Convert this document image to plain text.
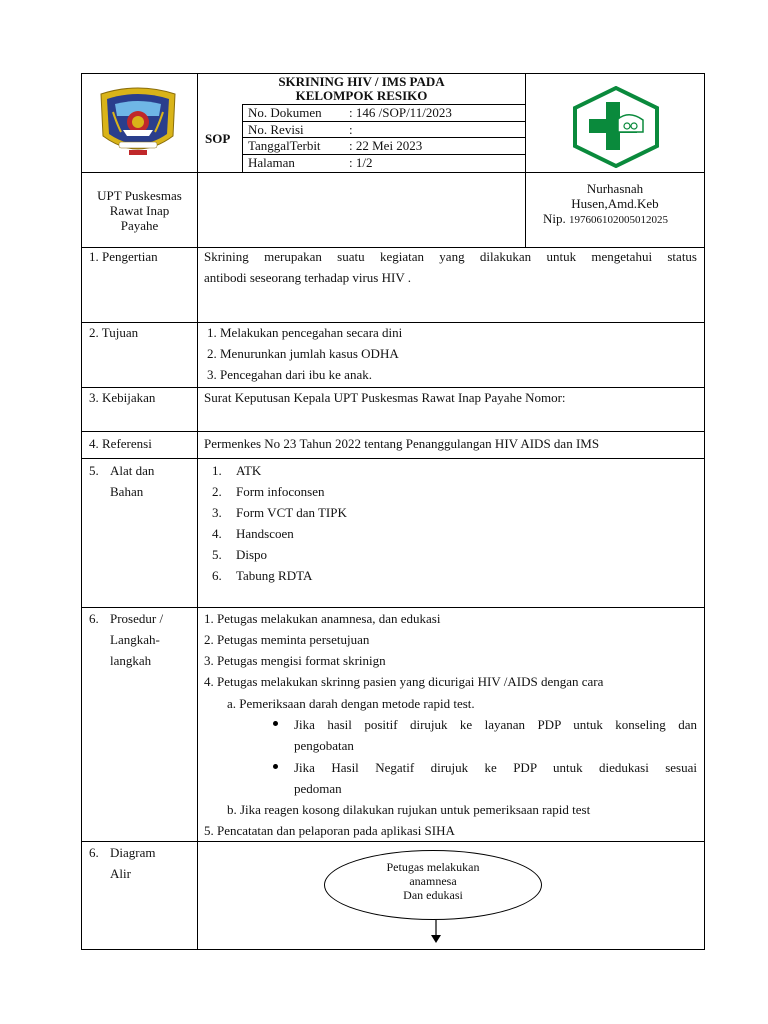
SKRINING HIV / IMS PADA
KELOMPOK RESIKO
SOP
No. Dokumen : 146 /SOP/11/2023
No. Revisi	:
TanggalTerbit : 22 Mei 2023
Halaman	: 1/2
UPT Puskesmas
Rawat Inap
Payahe
Nurhasnah
Husen,Amd.Keb
Nip. 197606102005012025
1. Pengertian	Skrining merupakan suatu kegiatan yang dilakukan untuk mengetahui status
antibodi seseorang terhadap virus HIV .
2. Tujuan	1. Melakukan pencegahan secara dini
2. Menurunkan jumlah kasus ODHA
3. Pencegahan dari ibu ke anak.
3. Kebijakan	Surat Keputusan Kepala UPT Puskesmas Rawat Inap Payahe Nomor:
4. Referensi	Permenkes No 23 Tahun 2022 tentang Penanggulangan HIV AIDS dan IMS
5. Alat dan
Bahan
1. ATK
2. Form infoconsen
3. Form VCT dan TIPK
4. Handscoen
5. Dispo
6. Tabung RDTA
6. Prosedur /
Langkah-
langkah
1. Petugas melakukan anamnesa, dan edukasi
2. Petugas meminta persetujuan
3. Petugas mengisi format skrinign
4. Petugas melakukan skrinng pasien yang dicurigai HIV /AIDS dengan cara
a. Pemeriksaan darah dengan metode rapid test.
Jika hasil positif dirujuk ke layanan PDP untuk konseling dan
pengobatan
Jika Hasil Negatif dirujuk ke PDP untuk diedukasi sesuai
pedoman
b. Jika reagen kosong dilakukan rujukan untuk pemeriksaan rapid test
5. Pencatatan dan pelaporan pada aplikasi SIHA
6. Diagram
Alir	Petugas melakukan
anamnesa
Dan edukasi
